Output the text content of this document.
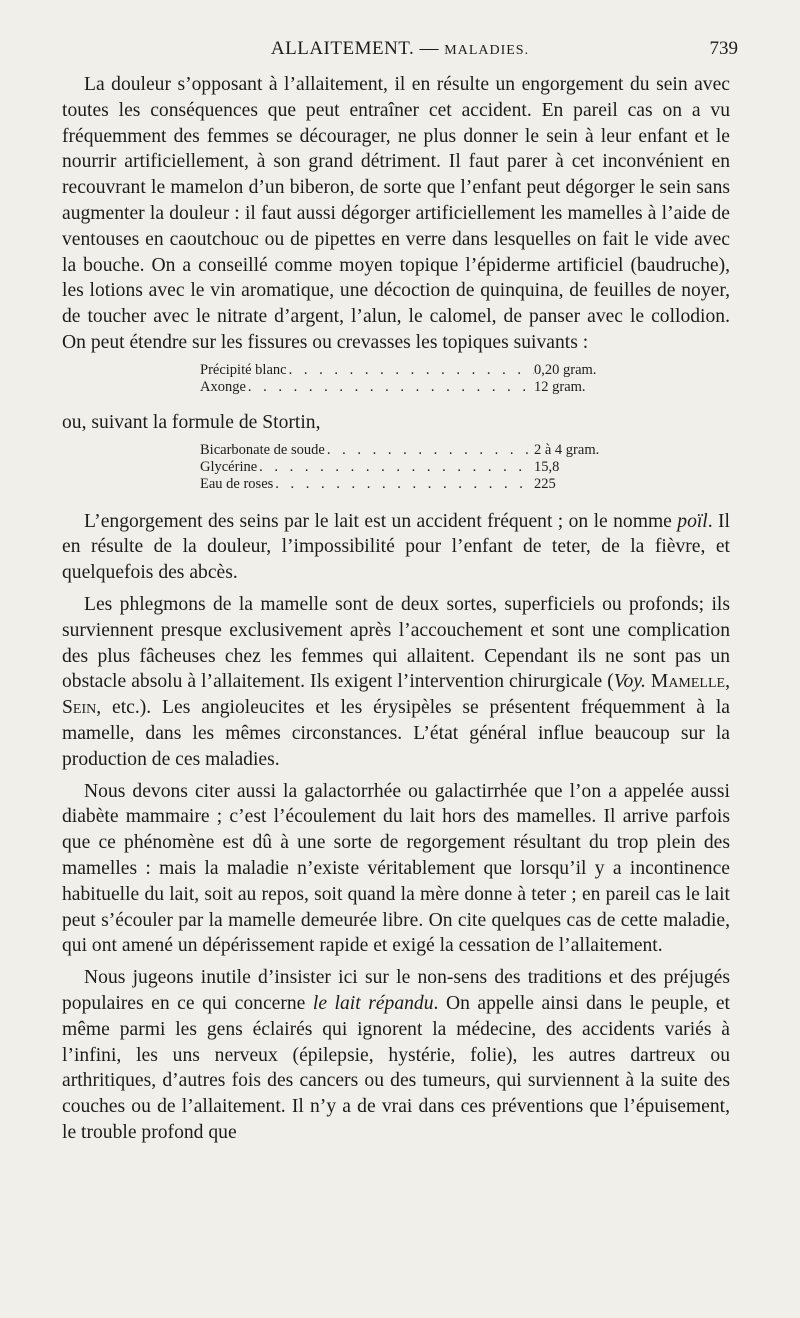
ALLAITEMENT. — MALADIES.	739

La douleur s’opposant à l’allaitement, il en résulte un engorgement du sein avec toutes les conséquences que peut entraîner cet accident. En pareil cas on a vu fréquemment des femmes se décourager, ne plus donner le sein à leur enfant et le nourrir artificiellement, à son grand détriment. Il faut parer à cet inconvénient en recouvrant le mamelon d’un biberon, de sorte que l’enfant peut dégorger le sein sans augmenter la douleur : il faut aussi dégorger artificiellement les mamelles à l’aide de ventouses en caoutchouc ou de pipettes en verre dans lesquelles on fait le vide avec la bouche. On a conseillé comme moyen topique l’épiderme artificiel (baudruche), les lotions avec le vin aromatique, une décoction de quinquina, de feuilles de noyer, de toucher avec le nitrate d’argent, l’alun, le calomel, de panser avec le collodion. On peut étendre sur les fissures ou crevasses les topiques suivants :

Précipité blanc . . .	0,20 gram.
Axonge . . .	12 gram.

ou, suivant la formule de Stortin,

Bicarbonate de soude . . .	2 à 4 gram.
Glycérine . . .	15,8
Eau de roses . . .	225

L’engorgement des seins par le lait est un accident fréquent ; on le nomme poïl. Il en résulte de la douleur, l’impossibilité pour l’enfant de teter, de la fièvre, et quelquefois des abcès.

Les phlegmons de la mamelle sont de deux sortes, superficiels ou profonds; ils surviennent presque exclusivement après l’accouchement et sont une complication des plus fâcheuses chez les femmes qui allaitent. Cependant ils ne sont pas un obstacle absolu à l’allaitement. Ils exigent l’intervention chirurgicale (Voy. Mamelle, Sein, etc.). Les angioleucites et les érysipèles se présentent fréquemment à la mamelle, dans les mêmes circonstances. L’état général influe beaucoup sur la production de ces maladies.

Nous devons citer aussi la galactorrhée ou galactirrhée que l’on a appelée aussi diabète mammaire ; c’est l’écoulement du lait hors des mamelles. Il arrive parfois que ce phénomène est dû à une sorte de regorgement résultant du trop plein des mamelles : mais la maladie n’existe véritablement que lorsqu’il y a incontinence habituelle du lait, soit au repos, soit quand la mère donne à teter ; en pareil cas le lait peut s’écouler par la mamelle demeurée libre. On cite quelques cas de cette maladie, qui ont amené un dépérissement rapide et exigé la cessation de l’allaitement.

Nous jugeons inutile d’insister ici sur le non-sens des traditions et des préjugés populaires en ce qui concerne le lait répandu. On appelle ainsi dans le peuple, et même parmi les gens éclairés qui ignorent la médecine, des accidents variés à l’infini, les uns nerveux (épilepsie, hystérie, folie), les autres dartreux ou arthritiques, d’autres fois des cancers ou des tumeurs, qui surviennent à la suite des couches ou de l’allaitement. Il n’y a de vrai dans ces préventions que l’épuisement, le trouble profond que
